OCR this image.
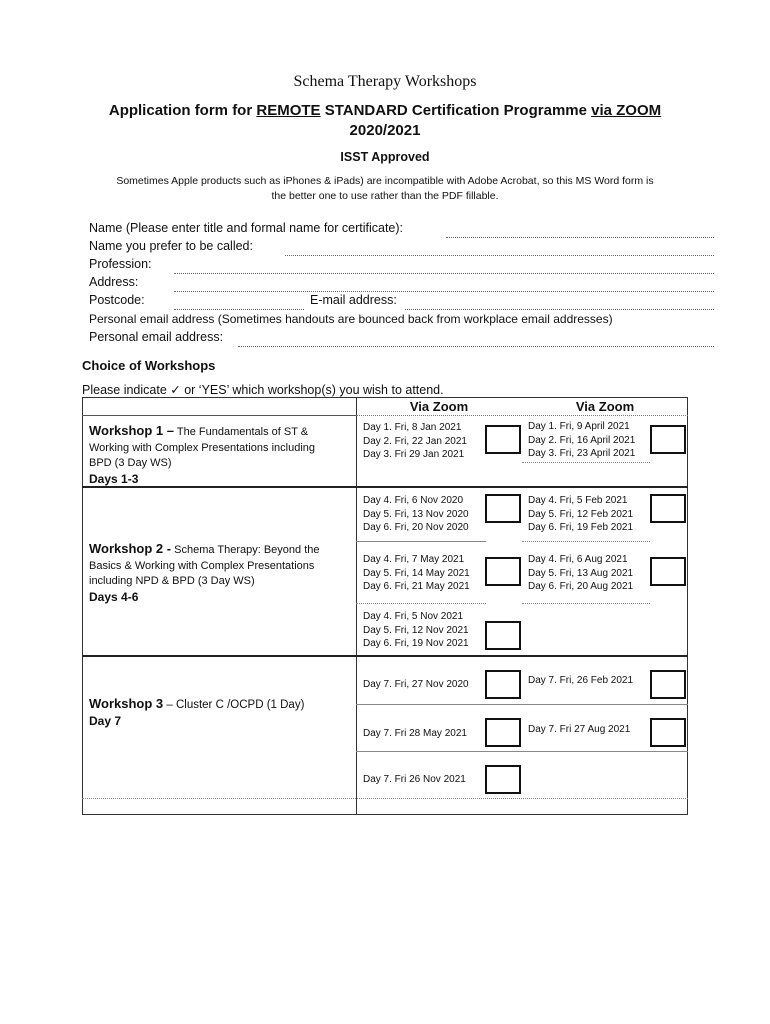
Schema Therapy Workshops
Application form for REMOTE STANDARD Certification Programme via ZOOM
2020/2021
ISST Approved
Sometimes Apple products such as iPhones & iPads) are incompatible with Adobe Acrobat, so this MS Word form is
the better one to use rather than the PDF fillable.
Name (Please enter title and formal name for certificate):
Name you prefer to be called:
Profession:
Address:
Postcode:	E-mail address:
Personal email address (Sometimes handouts are bounced back from workplace email addresses)
Personal email address:
Choice of Workshops
Please indicate ✓ or ‘YES’ which workshop(s) you wish to attend.
Via Zoom	Via Zoom
Workshop 1 – The Fundamentals of ST &
Working with Complex Presentations including
BPD (3 Day WS)
Days 1-3
Day 1. Fri, 8 Jan 2021
Day 2. Fri, 22 Jan 2021
Day 3. Fri 29 Jan 2021
Day 1. Fri, 9 April 2021
Day 2. Fri, 16 April 2021
Day 3. Fri, 23 April 2021
Workshop 2 - Schema Therapy: Beyond the
Basics & Working with Complex Presentations
including NPD & BPD (3 Day WS)
Days 4-6
Day 4. Fri, 6 Nov 2020
Day 5. Fri, 13 Nov 2020
Day 6. Fri, 20 Nov 2020
Day 4. Fri, 7 May 2021
Day 5. Fri, 14 May 2021
Day 6. Fri, 21 May 2021
Day 4. Fri, 5 Nov 2021
Day 5. Fri, 12 Nov 2021
Day 6. Fri, 19 Nov 2021
Day 4. Fri, 5 Feb 2021
Day 5. Fri, 12 Feb 2021
Day 6. Fri, 19 Feb 2021
Day 4. Fri, 6 Aug 2021
Day 5. Fri, 13 Aug 2021
Day 6. Fri, 20 Aug 2021
Workshop 3 – Cluster C /OCPD (1 Day)
Day 7
Day 7. Fri, 27 Nov 2020
Day 7. Fri 28 May 2021
Day 7. Fri 26 Nov 2021
Day 7. Fri, 26 Feb 2021
Day 7. Fri 27 Aug 2021
